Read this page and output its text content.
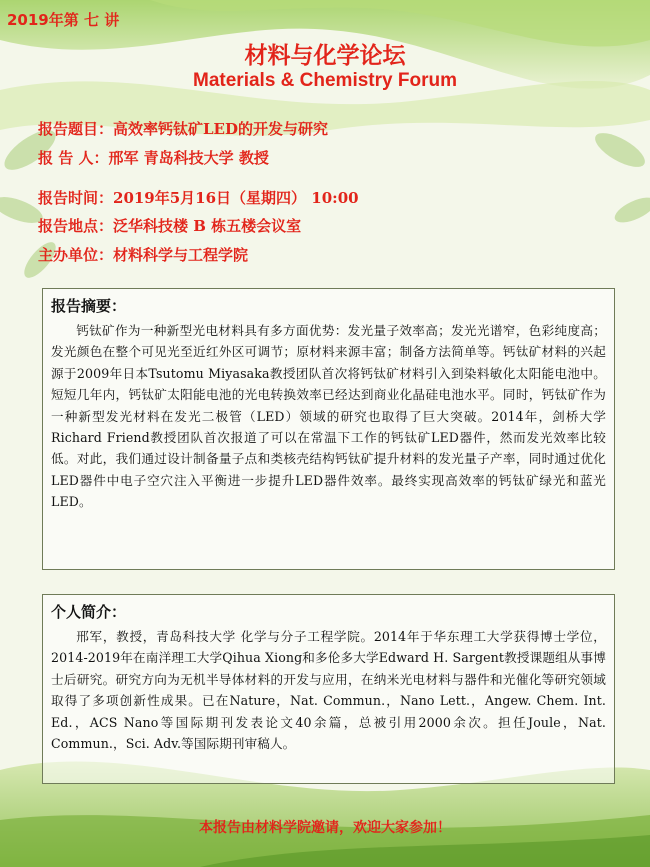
2019年第 七 讲
材料与化学论坛
Materials & Chemistry Forum
报告题目：高效率钙钛矿LED的开发与研究
报 告 人：邢军 青岛科技大学 教授
报告时间：2019年5月16日（星期四） 10:00
报告地点：泛华科技楼 B 栋五楼会议室
主办单位：材料科学与工程学院
报告摘要：

钙钛矿作为一种新型光电材料具有多方面优势：发光量子效率高；发光光谱窄，色彩纯度高；发光颜色在整个可见光至近红外区可调节；原材料来源丰富；制备方法简单等。钙钛矿材料的兴起源于2009年日本Tsutomu Miyasaka教授团队首次将钙钛矿材料引入到染料敏化太阳能电池中。短短几年内，钙钛矿太阳能电池的光电转换效率已经达到商业化晶硅电池水平。同时，钙钛矿作为一种新型发光材料在发光二极管（LED）领域的研究也取得了巨大突破。2014年，剑桥大学Richard Friend教授团队首次报道了可以在常温下工作的钙钛矿LED器件，然而发光效率比较低。对此，我们通过设计制备量子点和类核壳结构钙钛矿提升材料的发光量子产率，同时通过优化LED器件中电子空穴注入平衡进一步提升LED器件效率。最终实现高效率的钙钛矿绿光和蓝光LED。

个人简介：

邢军，教授，青岛科技大学 化学与分子工程学院。2014年于华东理工大学获得博士学位，2014-2019年在南洋理工大学Qihua Xiong和多伦多大学Edward H. Sargent教授课题组从事博士后研究。研究方向为无机半导体材料的开发与应用，在纳米光电材料与器件和光催化等研究领域取得了多项创新性成果。已在Nature，Nat. Commun.，Nano Lett.，Angew. Chem. Int. Ed.，ACS Nano等国际期刊发表论文40余篇，总被引用2000余次。担任Joule，Nat. Commun.，Sci. Adv.等国际期刊审稿人。

本报告由材料学院邀请，欢迎大家参加！
